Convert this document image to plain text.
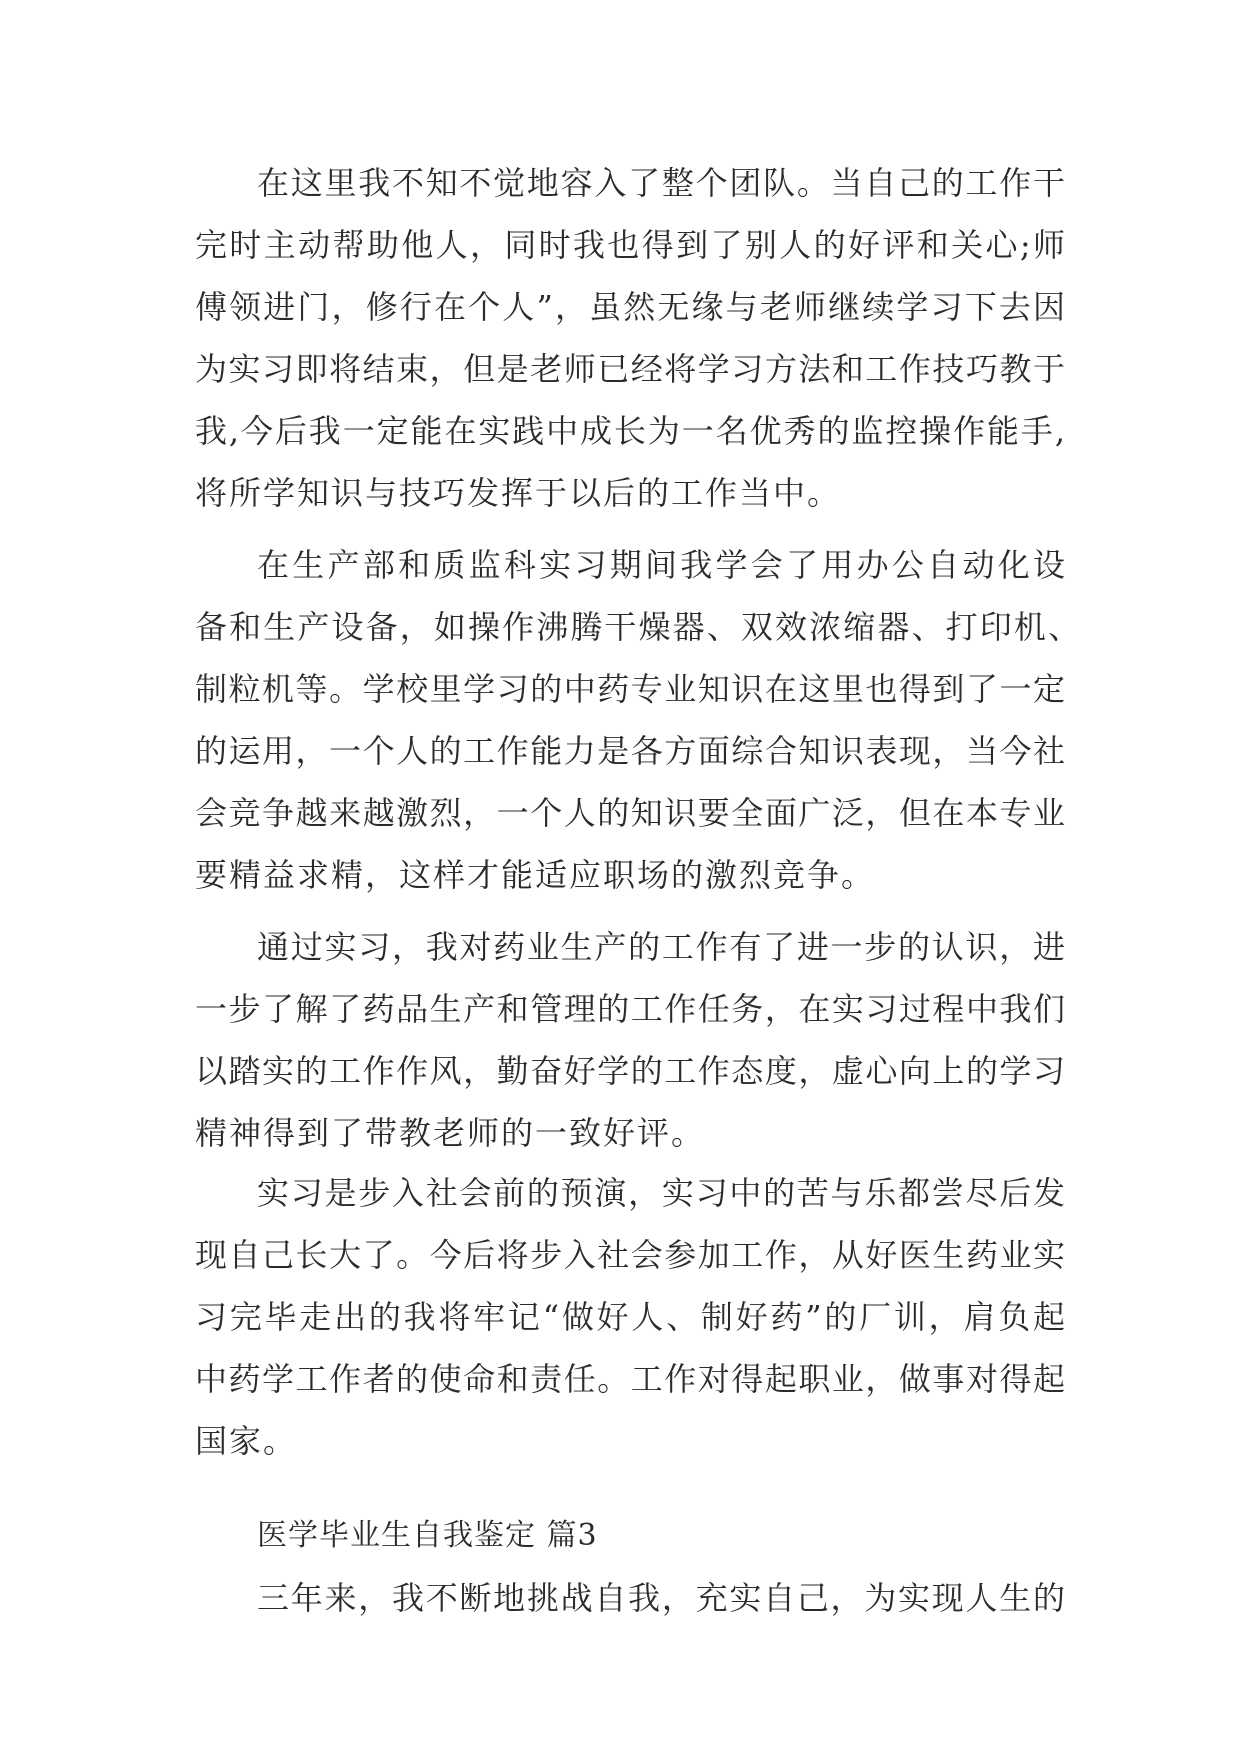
在这里我不知不觉地容入了整个团队。当自己的工作干
完时主动帮助他人，同时我也得到了别人的好评和关心;师
傅领进门，修行在个人”，虽然无缘与老师继续学习下去因
为实习即将结束，但是老师已经将学习方法和工作技巧教于
我,今后我一定能在实践中成长为一名优秀的监控操作能手,
将所学知识与技巧发挥于以后的工作当中。
在生产部和质监科实习期间我学会了用办公自动化设
备和生产设备，如操作沸腾干燥器、双效浓缩器、打印机、
制粒机等。学校里学习的中药专业知识在这里也得到了一定
的运用，一个人的工作能力是各方面综合知识表现，当今社
会竞争越来越激烈，一个人的知识要全面广泛，但在本专业
要精益求精，这样才能适应职场的激烈竞争。
通过实习，我对药业生产的工作有了进一步的认识，进
一步了解了药品生产和管理的工作任务，在实习过程中我们
以踏实的工作作风，勤奋好学的工作态度，虚心向上的学习
精神得到了带教老师的一致好评。
实习是步入社会前的预演，实习中的苦与乐都尝尽后发
现自己长大了。今后将步入社会参加工作，从好医生药业实
习完毕走出的我将牢记“做好人、制好药”的厂训，肩负起
中药学工作者的使命和责任。工作对得起职业，做事对得起
医学毕业生自我鉴定 篇3
三年来，我不断地挑战自我，充实自己，为实现人生的
国家。
